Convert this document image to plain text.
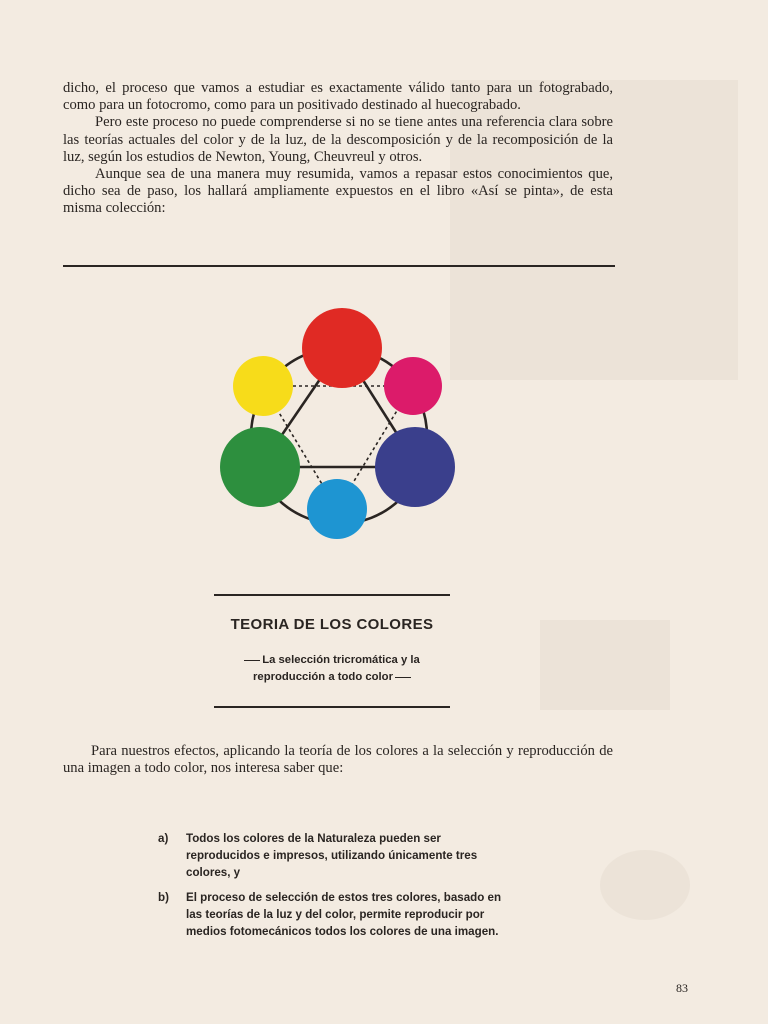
dicho, el proceso que vamos a estudiar es exactamente válido tanto para un fotograbado, como para un fotocromo, como para un positivado destinado al huecograbado.

Pero este proceso no puede comprenderse si no se tiene antes una referencia clara sobre las teorías actuales del color y de la luz, de la descomposición y de la recomposición de la luz, según los estudios de Newton, Young, Cheuvreul y otros.

Aunque sea de una manera muy resumida, vamos a repasar estos conocimientos que, dicho sea de paso, los hallará ampliamente expuestos en el libro «Así se pinta», de esta misma colección:

TEORIA DE LOS COLORES
La selección tricromática y la
reproducción a todo color

Para nuestros efectos, aplicando la teoría de los colores a la selección y reproducción de una imagen a todo color, nos interesa saber que:

a)	Todos los colores de la Naturaleza pueden ser reproducidos e impresos, utilizando únicamente tres colores, y
b)	El proceso de selección de estos tres colores, basado en las teorías de la luz y del color, permite reproducir por medios fotomecánicos todos los colores de una imagen.
83
